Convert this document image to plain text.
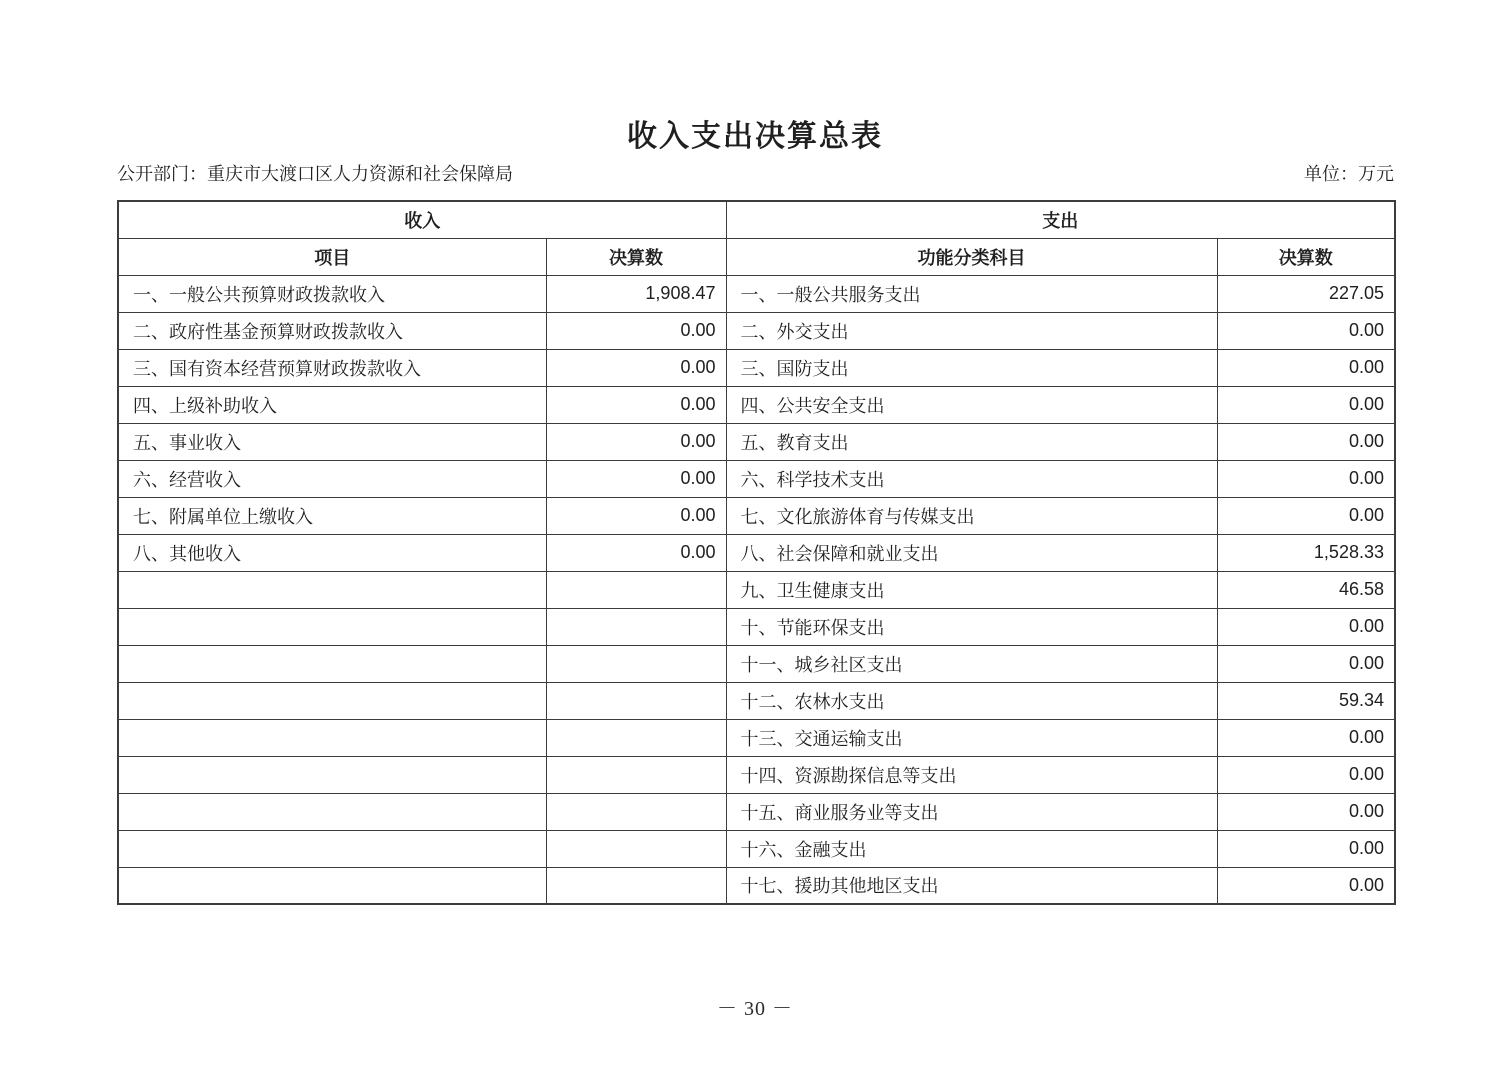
收入支出决算总表
公开部门：重庆市大渡口区人力资源和社会保障局	单位：万元
收入		支出	
项目	决算数	功能分类科目	决算数
一、一般公共预算财政拨款收入	1,908.47	一、一般公共服务支出	227.05
二、政府性基金预算财政拨款收入	0.00	二、外交支出	0.00
三、国有资本经营预算财政拨款收入	0.00	三、国防支出	0.00
四、上级补助收入	0.00	四、公共安全支出	0.00
五、事业收入	0.00	五、教育支出	0.00
六、经营收入	0.00	六、科学技术支出	0.00
七、附属单位上缴收入	0.00	七、文化旅游体育与传媒支出	0.00
八、其他收入	0.00	八、社会保障和就业支出	1,528.33
		九、卫生健康支出	46.58
		十、节能环保支出	0.00
		十一、城乡社区支出	0.00
		十二、农林水支出	59.34
		十三、交通运输支出	0.00
		十四、资源勘探信息等支出	0.00
		十五、商业服务业等支出	0.00
		十六、金融支出	0.00
		十七、援助其他地区支出	0.00
－ 30 －
